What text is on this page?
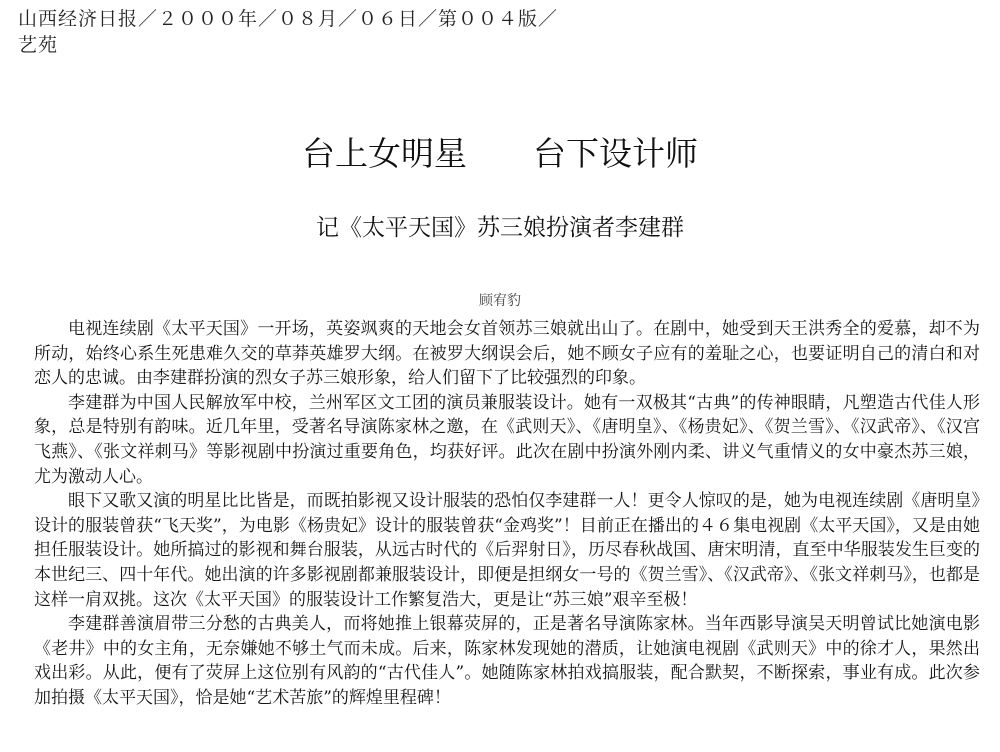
山西经济日报／２０００年／０８月／０６日／第００４版／
艺苑
台上女明星　　台下设计师
记《太平天国》苏三娘扮演者李建群
顾宥豹

电视连续剧《太平天国》一开场，英姿飒爽的天地会女首领苏三娘就出山了。在剧中，她受到天王洪秀全的爱慕，却不为所动，始终心系生死患难久交的草莽英雄罗大纲。在被罗大纲误会后，她不顾女子应有的羞耻之心，也要证明自己的清白和对恋人的忠诚。由李建群扮演的烈女子苏三娘形象，给人们留下了比较强烈的印象。

李建群为中国人民解放军中校，兰州军区文工团的演员兼服装设计。她有一双极其“古典”的传神眼睛，凡塑造古代佳人形象，总是特别有韵味。近几年里，受著名导演陈家林之邀，在《武则天》、《唐明皇》、《杨贵妃》、《贺兰雪》、《汉武帝》、《汉宫飞燕》、《张文祥刺马》等影视剧中扮演过重要角色，均获好评。此次在剧中扮演外刚内柔、讲义气重情义的女中豪杰苏三娘，尤为激动人心。

眼下又歌又演的明星比比皆是，而既拍影视又设计服装的恐怕仅李建群一人！更令人惊叹的是，她为电视连续剧《唐明皇》设计的服装曾获“飞天奖”，为电影《杨贵妃》设计的服装曾获“金鸡奖”！目前正在播出的４６集电视剧《太平天国》，又是由她担任服装设计。她所搞过的影视和舞台服装，从远古时代的《后羿射日》，历尽春秋战国、唐宋明清，直至中华服装发生巨变的本世纪三、四十年代。她出演的许多影视剧都兼服装设计，即便是担纲女一号的《贺兰雪》、《汉武帝》、《张文祥刺马》，也都是这样一肩双挑。这次《太平天国》的服装设计工作繁复浩大，更是让“苏三娘”艰辛至极！

李建群善演眉带三分愁的古典美人，而将她推上银幕荧屏的，正是著名导演陈家林。当年西影导演吴天明曾试比她演电影《老井》中的女主角，无奈嫌她不够土气而未成。后来，陈家林发现她的潜质，让她演电视剧《武则天》中的徐才人，果然出戏出彩。从此，便有了荧屏上这位别有风韵的“古代佳人”。她随陈家林拍戏搞服装，配合默契，不断探索，事业有成。此次参加拍摄《太平天国》，恰是她“艺术苦旅”的辉煌里程碑！
